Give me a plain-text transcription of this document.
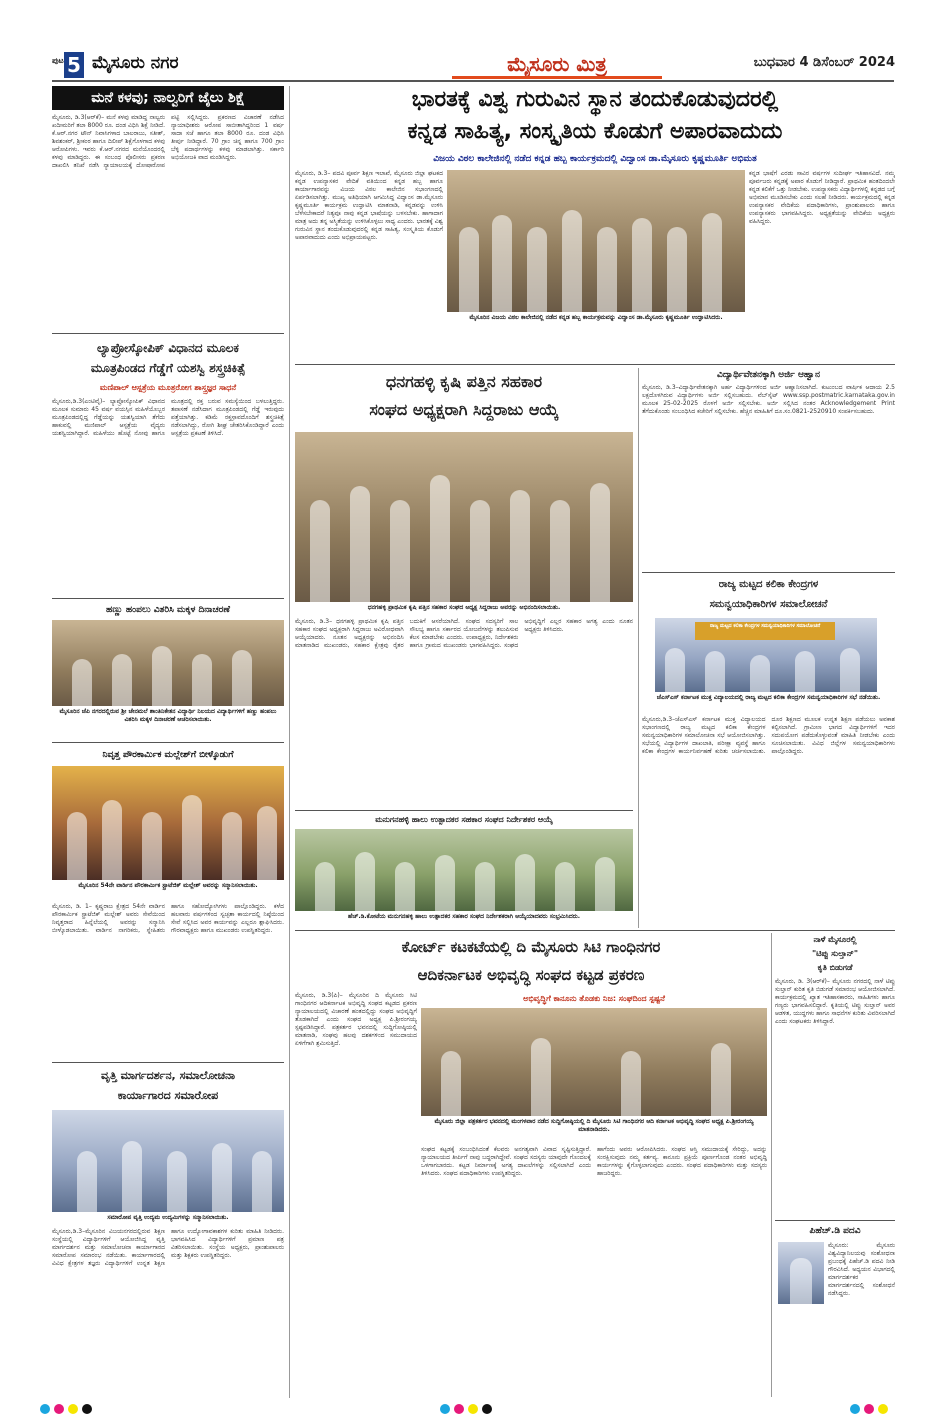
ಪುಟ 5 ಮೈಸೂರು ನಗರ	ಮೈಸೂರು ಮಿತ್ರ	ಬುಧವಾರ 4 ಡಿಸೆಂಬರ್ 2024
ಮನೆ ಕಳವು; ನಾಲ್ವರಿಗೆ ಜೈಲು ಶಿಕ್ಷೆ
ಮೈಸೂರು, ಡಿ.3(ಆರ್‌ಕೆ)– ಮನೆ ಕಳವು ಮಾಡಿದ್ದ ನಾಲ್ವರು ಖದೀಮರಿಗೆ ತಲಾ 8000 ರೂ. ದಂಡ ವಿಧಿಸಿ ಶಿಕ್ಷೆ ನೀಡಿದೆ. ಕೆ.ಆರ್.ನಗರ ಟೌನ್ ನಿವಾಸಿಗಳಾದ ಬಾಲರಾಜು, ಸತೀಶ್, ಶಿವಶಂಕರ್, ಶ್ರೀಕಂಠ ಹಾಗೂ ದಿಲೀಪ್ ಶಿಕ್ಷೆಗೊಳಗಾದ ಕಳವು ಆರೋಪಿಗಳು. ಇವರು ಕೆ.ಆರ್.ನಗರದ ಮನೆಯೊಂದರಲ್ಲಿ ಕಳವು ಮಾಡಿದ್ದರು. ಈ ಸಂಬಂಧ ಪೊಲೀಸರು ಪ್ರಕರಣ ದಾಖಲಿಸಿ ತನಿಖೆ ನಡೆಸಿ ನ್ಯಾಯಾಲಯಕ್ಕೆ ದೋಷಾರೋಪ ಪಟ್ಟಿ ಸಲ್ಲಿಸಿದ್ದರು. ಪ್ರಕರಣದ ವಿಚಾರಣೆ ನಡೆಸಿದ ನ್ಯಾಯಾಧೀಶರು ಆರೋಪ ಸಾಬೀತಾಗಿದ್ದರಿಂದ 1 ವರ್ಷ ಸಾದಾ ಸಜೆ ಹಾಗೂ ತಲಾ 8000 ರೂ. ದಂಡ ವಿಧಿಸಿ ತೀರ್ಪು ನೀಡಿದ್ದಾರೆ. 70 ಗ್ರಾಂ ಚಿನ್ನ ಹಾಗೂ 700 ಗ್ರಾಂ ಬೆಳ್ಳಿ ಪದಾರ್ಥಗಳನ್ನು ಕಳವು ಮಾಡಲಾಗಿತ್ತು. ಸರ್ಕಾರಿ ಅಭಿಯೋಜಕಿ ವಾದ ಮಂಡಿಸಿದ್ದರು.
ಲ್ಯಾಪ್ರೋಸ್ಕೋಪಿಕ್ ವಿಧಾನದ ಮೂಲಕ
ಮೂತ್ರಪಿಂಡದ ಗೆಡ್ಡೆಗೆ ಯಶಸ್ವಿ ಶಸ್ತ್ರಚಿಕಿತ್ಸೆ
ಮಣಿಪಾಲ್ ಆಸ್ಪತ್ರೆಯ ಮೂತ್ರರೋಗ ಶಾಸ್ತ್ರಜ್ಞರ ಸಾಧನೆ
ಮೈಸೂರು,ಡಿ.3(ಎಂಟಿವೈ)– ಲ್ಯಾಪ್ರೋಸ್ಕೋಪಿಕ್ ವಿಧಾನದ ಮೂಲಕ ಸುಮಾರು 45 ವರ್ಷ ವಯಸ್ಸಿನ ಮಹಿಳೆಯೊಬ್ಬರ ಮೂತ್ರಪಿಂಡದಲ್ಲಿದ್ದ ಗೆಡ್ಡೆಯನ್ನು ಯಶಸ್ವಿಯಾಗಿ ತೆಗೆದು ಹಾಕುವಲ್ಲಿ ಮಣಿಪಾಲ್ ಆಸ್ಪತ್ರೆಯ ವೈದ್ಯರು ಯಶಸ್ವಿಯಾಗಿದ್ದಾರೆ. ಮಹಿಳೆಯು ಹೊಟ್ಟೆ ನೋವು ಹಾಗೂ ಮೂತ್ರದಲ್ಲಿ ರಕ್ತ ಬರುವ ಸಮಸ್ಯೆಯಿಂದ ಬಳಲುತ್ತಿದ್ದರು. ತಪಾಸಣೆ ನಡೆಸಿದಾಗ ಮೂತ್ರಪಿಂಡದಲ್ಲಿ ಗೆಡ್ಡೆ ಇರುವುದು ಪತ್ತೆಯಾಗಿತ್ತು. ಕಡಿಮೆ ರಕ್ತಸ್ರಾವದೊಂದಿಗೆ ಶಸ್ತ್ರಚಿಕಿತ್ಸೆ ನಡೆಸಲಾಗಿದ್ದು, ರೋಗಿ ಶೀಘ್ರ ಚೇತರಿಸಿಕೊಂಡಿದ್ದಾರೆ ಎಂದು ಆಸ್ಪತ್ರೆಯ ಪ್ರಕಟಣೆ ತಿಳಿಸಿದೆ.
ಹಣ್ಣು ಹಂಪಲು ವಿತರಿಸಿ ಮಕ್ಕಳ ದಿನಾಚರಣೆ
ಮೈಸೂರಿನ ಜೆಪಿ ನಗರದಲ್ಲಿರುವ ಶ್ರೀ ಜೇನಮಲೆ ಶಾಂತಿನಿಕೇತನ ವಿದ್ಯಾರ್ಥಿ ನಿಲಯದ ವಿದ್ಯಾರ್ಥಿಗಳಿಗೆ ಹಣ್ಣು ಹಂಪಲು ವಿತರಿಸಿ ಮಕ್ಕಳ ದಿನಾಚರಣೆ ಆಚರಿಸಲಾಯಿತು.
ನಿವೃತ್ತ ಪೌರಕಾರ್ಮಿಕ ಮಲ್ಲೇಶ್‌ಗೆ ಬೀಳ್ಕೊಡುಗೆ
ಮೈಸೂರಿನ 54ನೇ ವಾರ್ಡಿನ ಪೌರಕಾರ್ಮಿಕ ಸ್ಟ್ರಾಟೆಜಿಕ್ ಮಲ್ಲೇಶ್ ಅವರನ್ನು ಸನ್ಮಾನಿಸಲಾಯಿತು.
ಮೈಸೂರು, ಡಿ. 1– ಕೃಷ್ಣರಾಜ ಕ್ಷೇತ್ರದ 54ನೇ ವಾರ್ಡಿನ ಪೌರಕಾರ್ಮಿಕ ಸ್ಟ್ರಾಟೆಜಿಕ್ ಮಲ್ಲೇಶ್ ಅವರು ಸೇವೆಯಿಂದ ನಿವೃತ್ತರಾದ ಹಿನ್ನೆಲೆಯಲ್ಲಿ ಅವರನ್ನು ಸನ್ಮಾನಿಸಿ ಬೀಳ್ಕೊಡಲಾಯಿತು. ವಾರ್ಡಿನ ನಾಗರಿಕರು, ಸ್ನೇಹಿತರು ಹಾಗೂ ಸಹೋದ್ಯೋಗಿಗಳು ಪಾಲ್ಗೊಂಡಿದ್ದರು. ಕಳೆದ ಹಲವಾರು ವರ್ಷಗಳಿಂದ ಸ್ವಚ್ಛತಾ ಕಾರ್ಯದಲ್ಲಿ ನಿಷ್ಠೆಯಿಂದ ಸೇವೆ ಸಲ್ಲಿಸಿದ ಅವರ ಕಾರ್ಯವನ್ನು ಎಲ್ಲರೂ ಶ್ಲಾಘಿಸಿದರು. ಗೌರವಾಧ್ಯಕ್ಷರು ಹಾಗೂ ಮುಖಂಡರು ಉಪಸ್ಥಿತರಿದ್ದರು.
ವೃತ್ತಿ ಮಾರ್ಗದರ್ಶನ, ಸಮಾಲೋಚನಾ
ಕಾರ್ಯಾಗಾರದ ಸಮಾರೋಪ
ಸಮಾರೋಪ ವೃತ್ತಿ ಉದ್ಯಮ ಉದ್ಯಮಿಗಳನ್ನು ಸನ್ಮಾನಿಸಲಾಯಿತು.
ಮೈಸೂರು,ಡಿ.3–ಮೈಸೂರಿನ ವಿಜಯನಗರದಲ್ಲಿರುವ ಶಿಕ್ಷಣ ಸಂಸ್ಥೆಯಲ್ಲಿ ವಿದ್ಯಾರ್ಥಿಗಳಿಗೆ ಆಯೋಜಿಸಿದ್ದ ವೃತ್ತಿ ಮಾರ್ಗದರ್ಶನ ಮತ್ತು ಸಮಾಲೋಚನಾ ಕಾರ್ಯಾಗಾರದ ಸಮಾರೋಪ ಸಮಾರಂಭ ನಡೆಯಿತು. ಕಾರ್ಯಾಗಾರದಲ್ಲಿ ವಿವಿಧ ಕ್ಷೇತ್ರಗಳ ತಜ್ಞರು ವಿದ್ಯಾರ್ಥಿಗಳಿಗೆ ಉನ್ನತ ಶಿಕ್ಷಣ ಹಾಗೂ ಉದ್ಯೋಗಾವಕಾಶಗಳ ಕುರಿತು ಮಾಹಿತಿ ನೀಡಿದರು. ಭಾಗವಹಿಸಿದ ವಿದ್ಯಾರ್ಥಿಗಳಿಗೆ ಪ್ರಮಾಣ ಪತ್ರ ವಿತರಿಸಲಾಯಿತು. ಸಂಸ್ಥೆಯ ಅಧ್ಯಕ್ಷರು, ಪ್ರಾಂಶುಪಾಲರು ಮತ್ತು ಶಿಕ್ಷಕರು ಉಪಸ್ಥಿತರಿದ್ದರು.
ಭಾರತಕ್ಕೆ ವಿಶ್ವ ಗುರುವಿನ ಸ್ಥಾನ ತಂದುಕೊಡುವುದರಲ್ಲಿ
ಕನ್ನಡ ಸಾಹಿತ್ಯ, ಸಂಸ್ಕೃತಿಯ ಕೊಡುಗೆ ಅಪಾರವಾದುದು
ವಿಜಯ ವಿಠಲ ಕಾಲೇಜಿನಲ್ಲಿ ನಡೆದ ಕನ್ನಡ ಹಬ್ಬ ಕಾರ್ಯಕ್ರಮದಲ್ಲಿ ವಿದ್ವಾಂಸ ಡಾ.ಮೈಸೂರು ಕೃಷ್ಣಮೂರ್ತಿ ಅಭಿಮತ
ಮೈಸೂರು, ಡಿ.3– ಪದವಿ ಪೂರ್ವ ಶಿಕ್ಷಣ ಇಲಾಖೆ, ಮೈಸೂರು ಜಿಲ್ಲಾ ಘಟಕದ ಕನ್ನಡ ಉಪನ್ಯಾಸಕರ ವೇದಿಕೆ ವತಿಯಿಂದ ಕನ್ನಡ ಹಬ್ಬ ಹಾಗೂ ಕಾರ್ಯಾಗಾರವನ್ನು ವಿಜಯ ವಿಠಲ ಕಾಲೇಜಿನ ಸಭಾಂಗಣದಲ್ಲಿ ಏರ್ಪಡಿಸಲಾಗಿತ್ತು. ಮುಖ್ಯ ಅತಿಥಿಯಾಗಿ ಆಗಮಿಸಿದ್ದ ವಿದ್ವಾಂಸ ಡಾ.ಮೈಸೂರು ಕೃಷ್ಣಮೂರ್ತಿ ಕಾರ್ಯಕ್ರಮ ಉದ್ಘಾಟಿಸಿ ಮಾತನಾಡಿ, ಕನ್ನಡವನ್ನು ಉಳಿಸಿ ಬೆಳೆಸಬೇಕಾದರೆ ನಿತ್ಯವೂ ನಾವು ಕನ್ನಡ ಭಾಷೆಯನ್ನು ಬಳಸಬೇಕು. ಹಾಗಾದಾಗ ಮಾತ್ರ ಅದು ತನ್ನ ಅಸ್ಮಿತೆಯನ್ನು ಉಳಿಸಿಕೊಳ್ಳಲು ಸಾಧ್ಯ ಎಂದರು. ಭಾರತಕ್ಕೆ ವಿಶ್ವ ಗುರುವಿನ ಸ್ಥಾನ ತಂದುಕೊಡುವುದರಲ್ಲಿ ಕನ್ನಡ ಸಾಹಿತ್ಯ, ಸಂಸ್ಕೃತಿಯ ಕೊಡುಗೆ ಅಪಾರವಾದುದು ಎಂದು ಅಭಿಪ್ರಾಯಪಟ್ಟರು.
ಮೈಸೂರಿನ ವಿಜಯ ವಿಠಲ ಕಾಲೇಜಿನಲ್ಲಿ ನಡೆದ ಕನ್ನಡ ಹಬ್ಬ ಕಾರ್ಯಕ್ರಮವನ್ನು ವಿದ್ವಾಂಸ ಡಾ.ಮೈಸೂರು ಕೃಷ್ಣಮೂರ್ತಿ ಉದ್ಘಾಟಿಸಿದರು.
ಕನ್ನಡ ಭಾಷೆಗೆ ಎರಡು ಸಾವಿರ ವರ್ಷಗಳ ಸುದೀರ್ಘ ಇತಿಹಾಸವಿದೆ. ನಮ್ಮ ಪೂರ್ವಜರು ಕನ್ನಡಕ್ಕೆ ಅಪಾರ ಕೊಡುಗೆ ನೀಡಿದ್ದಾರೆ. ಪ್ರಾಥಮಿಕ ಹಂತದಿಂದಲೇ ಕನ್ನಡ ಕಲಿಕೆಗೆ ಒತ್ತು ನೀಡಬೇಕು. ಉಪನ್ಯಾಸಕರು ವಿದ್ಯಾರ್ಥಿಗಳಲ್ಲಿ ಕನ್ನಡದ ಬಗ್ಗೆ ಅಭಿಮಾನ ಮೂಡಿಸಬೇಕು ಎಂದು ಸಲಹೆ ನೀಡಿದರು. ಕಾರ್ಯಕ್ರಮದಲ್ಲಿ ಕನ್ನಡ ಉಪನ್ಯಾಸಕರ ವೇದಿಕೆಯ ಪದಾಧಿಕಾರಿಗಳು, ಪ್ರಾಂಶುಪಾಲರು ಹಾಗೂ ಉಪನ್ಯಾಸಕರು ಭಾಗವಹಿಸಿದ್ದರು. ಅಧ್ಯಕ್ಷತೆಯನ್ನು ವೇದಿಕೆಯ ಅಧ್ಯಕ್ಷರು ವಹಿಸಿದ್ದರು.
ಧನಗಹಳ್ಳಿ ಕೃಷಿ ಪತ್ತಿನ ಸಹಕಾರ
ಸಂಘದ ಅಧ್ಯಕ್ಷರಾಗಿ ಸಿದ್ದರಾಜು ಆಯ್ಕೆ
ಧನಗಹಳ್ಳಿ ಪ್ರಾಥಮಿಕ ಕೃಷಿ ಪತ್ತಿನ ಸಹಕಾರ ಸಂಘದ ಅಧ್ಯಕ್ಷ ಸಿದ್ದರಾಜು ಅವರನ್ನು ಅಭಿನಂದಿಸಲಾಯಿತು.
ಮೈಸೂರು, ಡಿ.3– ಧನಗಹಳ್ಳಿ ಪ್ರಾಥಮಿಕ ಕೃಷಿ ಪತ್ತಿನ ಸಹಕಾರ ಸಂಘದ ಅಧ್ಯಕ್ಷರಾಗಿ ಸಿದ್ದರಾಜು ಅವಿರೋಧವಾಗಿ ಆಯ್ಕೆಯಾದರು. ನೂತನ ಅಧ್ಯಕ್ಷರನ್ನು ಅಭಿನಂದಿಸಿ ಮಾತನಾಡಿದ ಮುಖಂಡರು, ಸಹಕಾರ ಕ್ಷೇತ್ರವು ರೈತರ ಬದುಕಿಗೆ ಆಸರೆಯಾಗಿದೆ. ಸಂಘದ ಸದಸ್ಯರಿಗೆ ಸಾಲ ಸೌಲಭ್ಯ ಹಾಗೂ ಸರ್ಕಾರದ ಯೋಜನೆಗಳನ್ನು ತಲುಪಿಸುವ ಕೆಲಸ ಮಾಡಬೇಕು ಎಂದರು. ಉಪಾಧ್ಯಕ್ಷರು, ನಿರ್ದೇಶಕರು ಹಾಗೂ ಗ್ರಾಮದ ಮುಖಂಡರು ಭಾಗವಹಿಸಿದ್ದರು. ಸಂಘದ ಅಭಿವೃದ್ಧಿಗೆ ಎಲ್ಲರ ಸಹಕಾರ ಅಗತ್ಯ ಎಂದು ನೂತನ ಅಧ್ಯಕ್ಷರು ತಿಳಿಸಿದರು.
ಮನುಗನಹಳ್ಳಿ ಹಾಲು ಉತ್ಪಾದಕರ ಸಹಕಾರ ಸಂಘದ ನಿರ್ದೇಶಕರ ಆಯ್ಕೆ
ಹೆಚ್.ಡಿ.ಕೋಟೆಯ ಮನುಗನಹಳ್ಳಿ ಹಾಲು ಉತ್ಪಾದಕರ ಸಹಕಾರ ಸಂಘದ ನಿರ್ದೇಶಕರಾಗಿ ಆಯ್ಕೆಯಾದವರು ಸಂಭ್ರಮಿಸಿದರು.
ವಿದ್ಯಾರ್ಥಿವೇತನಕ್ಕಾಗಿ ಅರ್ಜಿ ಆಹ್ವಾನ
ಮೈಸೂರು, ಡಿ.3–ವಿದ್ಯಾರ್ಥಿವೇತನಕ್ಕಾಗಿ ಅರ್ಹ ವಿದ್ಯಾರ್ಥಿಗಳಿಂದ ಅರ್ಜಿ ಆಹ್ವಾನಿಸಲಾಗಿದೆ. ಕುಟುಂಬದ ವಾರ್ಷಿಕ ಆದಾಯ 2.5 ಲಕ್ಷದೊಳಗಿರುವ ವಿದ್ಯಾರ್ಥಿಗಳು ಅರ್ಜಿ ಸಲ್ಲಿಸಬಹುದು. ವೆಬ್‌ಸೈಟ್ www.ssp.postmatric.karnataka.gov.in ಮೂಲಕ 25-02-2025 ರೊಳಗೆ ಅರ್ಜಿ ಸಲ್ಲಿಸಬೇಕು. ಅರ್ಜಿ ಸಲ್ಲಿಸಿದ ನಂತರ Acknowledgement Print ತೆಗೆದುಕೊಂಡು ಸಂಬಂಧಿಸಿದ ಕಚೇರಿಗೆ ಸಲ್ಲಿಸಬೇಕು. ಹೆಚ್ಚಿನ ಮಾಹಿತಿಗೆ ದೂ.ಸಂ.0821-2520910 ಸಂಪರ್ಕಿಸಬಹುದು.
ರಾಜ್ಯ ಮಟ್ಟದ ಕಲಿಕಾ ಕೇಂದ್ರಗಳ
ಸಮನ್ವಯಾಧಿಕಾರಿಗಳ ಸಮಾಲೋಚನೆ
ರಾಜ್ಯ ಮಟ್ಟದ ಕಲಿಕಾ ಕೇಂದ್ರಗಳ ಸಮನ್ವಯಾಧಿಕಾರಿಗಳ ಸಮಾಲೋಚನೆ
ಜೆಎಸ್‌ಎಸ್ ಕರ್ನಾಟಕ ಮುಕ್ತ ವಿದ್ಯಾಲಯದಲ್ಲಿ ರಾಜ್ಯ ಮಟ್ಟದ ಕಲಿಕಾ ಕೇಂದ್ರಗಳ ಸಮನ್ವಯಾಧಿಕಾರಿಗಳ ಸಭೆ ನಡೆಯಿತು.
ಮೈಸೂರು,ಡಿ.3–ಜೆಎಸ್‌ಎಸ್ ಕರ್ನಾಟಕ ಮುಕ್ತ ವಿದ್ಯಾಲಯದ ಸಭಾಂಗಣದಲ್ಲಿ ರಾಜ್ಯ ಮಟ್ಟದ ಕಲಿಕಾ ಕೇಂದ್ರಗಳ ಸಮನ್ವಯಾಧಿಕಾರಿಗಳ ಸಮಾಲೋಚನಾ ಸಭೆ ಆಯೋಜಿಸಲಾಗಿತ್ತು. ಸಭೆಯಲ್ಲಿ ವಿದ್ಯಾರ್ಥಿಗಳ ದಾಖಲಾತಿ, ಪರೀಕ್ಷಾ ವ್ಯವಸ್ಥೆ ಹಾಗೂ ಕಲಿಕಾ ಕೇಂದ್ರಗಳ ಕಾರ್ಯನಿರ್ವಹಣೆ ಕುರಿತು ಚರ್ಚಿಸಲಾಯಿತು. ದೂರ ಶಿಕ್ಷಣದ ಮೂಲಕ ಉನ್ನತ ಶಿಕ್ಷಣ ಪಡೆಯಲು ಅವಕಾಶ ಕಲ್ಪಿಸಲಾಗಿದೆ. ಗ್ರಾಮೀಣ ಭಾಗದ ವಿದ್ಯಾರ್ಥಿಗಳಿಗೆ ಇದರ ಸದುಪಯೋಗ ಪಡೆದುಕೊಳ್ಳುವಂತೆ ಮಾಹಿತಿ ನೀಡಬೇಕು ಎಂದು ಸೂಚಿಸಲಾಯಿತು. ವಿವಿಧ ಜಿಲ್ಲೆಗಳ ಸಮನ್ವಯಾಧಿಕಾರಿಗಳು ಪಾಲ್ಗೊಂಡಿದ್ದರು.
ಕೋರ್ಟ್ ಕಟಕಟೆಯಲ್ಲಿ ದಿ ಮೈಸೂರು ಸಿಟಿ ಗಾಂಧಿನಗರ
ಆದಿಕರ್ನಾಟಕ ಅಭಿವೃದ್ಧಿ ಸಂಘದ ಕಟ್ಟಡ ಪ್ರಕರಣ
ಮೈಸೂರು, ಡಿ.3(ಪಿ)– ಮೈಸೂರಿನ ದಿ ಮೈಸೂರು ಸಿಟಿ ಗಾಂಧಿನಗರ ಆದಿಕರ್ನಾಟಕ ಅಭಿವೃದ್ಧಿ ಸಂಘದ ಕಟ್ಟಡದ ಪ್ರಕರಣ ನ್ಯಾಯಾಲಯದಲ್ಲಿ ವಿಚಾರಣೆ ಹಂತದಲ್ಲಿದ್ದು ಸಂಘದ ಅಭಿವೃದ್ಧಿಗೆ ತೊಡಕಾಗಿದೆ ಎಂದು ಸಂಘದ ಅಧ್ಯಕ್ಷ ಪಿ.ಶ್ರೀರಂಗಯ್ಯ ಸ್ಪಷ್ಟಪಡಿಸಿದ್ದಾರೆ. ಪತ್ರಕರ್ತರ ಭವನದಲ್ಲಿ ಸುದ್ದಿಗೋಷ್ಠಿಯಲ್ಲಿ ಮಾತನಾಡಿ, ಸಂಘವು ಹಲವು ದಶಕಗಳಿಂದ ಸಮುದಾಯದ ಏಳಿಗೆಗಾಗಿ ಶ್ರಮಿಸುತ್ತಿದೆ.
ಅಭಿವೃದ್ಧಿಗೆ ಕಾನೂನು ತೊಡಕು ನಿಜ: ಸಂಘದಿಂದ ಸ್ಪಷ್ಟನೆ
ಮೈಸೂರು ಜಿಲ್ಲಾ ಪತ್ರಕರ್ತರ ಭವನದಲ್ಲಿ ಮಂಗಳವಾರ ನಡೆದ ಸುದ್ದಿಗೋಷ್ಠಿಯಲ್ಲಿ ದಿ ಮೈಸೂರು ಸಿಟಿ ಗಾಂಧಿನಗರ ಆದಿ ಕರ್ನಾಟಕ ಅಭಿವೃದ್ಧಿ ಸಂಘದ ಅಧ್ಯಕ್ಷ ಪಿ.ಶ್ರೀರಂಗಯ್ಯ ಮಾತನಾಡಿದರು.
ಸಂಘದ ಕಟ್ಟಡಕ್ಕೆ ಸಂಬಂಧಿಸಿದಂತೆ ಕೆಲವರು ಅನಗತ್ಯವಾಗಿ ವಿವಾದ ಸೃಷ್ಟಿಸುತ್ತಿದ್ದಾರೆ. ನ್ಯಾಯಾಲಯದ ತೀರ್ಪಿಗೆ ನಾವು ಬದ್ಧರಾಗಿದ್ದೇವೆ. ಸಂಘದ ಸದಸ್ಯರು ಯಾವುದೇ ಗೊಂದಲಕ್ಕೆ ಒಳಗಾಗಬಾರದು. ಕಟ್ಟಡ ನಿರ್ಮಾಣಕ್ಕೆ ಅಗತ್ಯ ದಾಖಲೆಗಳನ್ನು ಸಲ್ಲಿಸಲಾಗಿದೆ ಎಂದು ತಿಳಿಸಿದರು. ಸಂಘದ ಪದಾಧಿಕಾರಿಗಳು ಉಪಸ್ಥಿತರಿದ್ದರು.
ಹಾಗೆಂದು ಅವರು ಆರೋಪಿಸಿದರು. ಸಂಘದ ಆಸ್ತಿ ಸಮುದಾಯಕ್ಕೆ ಸೇರಿದ್ದು, ಅದನ್ನು ಸಂರಕ್ಷಿಸುವುದು ನಮ್ಮ ಕರ್ತವ್ಯ. ಕಾನೂನು ಪ್ರಕ್ರಿಯೆ ಪೂರ್ಣಗೊಂಡ ನಂತರ ಅಭಿವೃದ್ಧಿ ಕಾರ್ಯಗಳನ್ನು ಕೈಗೊಳ್ಳಲಾಗುವುದು ಎಂದರು. ಸಂಘದ ಪದಾಧಿಕಾರಿಗಳು ಮತ್ತು ಸದಸ್ಯರು ಹಾಜರಿದ್ದರು.
ನಾಳೆ ಮೈಸೂರಲ್ಲಿ
"ಟಿಪ್ಪು ಸುಲ್ತಾನ್"
ಕೃತಿ ಬಿಡುಗಡೆ
ಮೈಸೂರು, ಡಿ. 3(ಆರ್‌ಕೆ)– ಮೈಸೂರು ನಗರದಲ್ಲಿ ನಾಳೆ ಟಿಪ್ಪು ಸುಲ್ತಾನ್ ಕುರಿತ ಕೃತಿ ಬಿಡುಗಡೆ ಸಮಾರಂಭ ಆಯೋಜಿಸಲಾಗಿದೆ. ಕಾರ್ಯಕ್ರಮದಲ್ಲಿ ಖ್ಯಾತ ಇತಿಹಾಸಕಾರರು, ಸಾಹಿತಿಗಳು ಹಾಗೂ ಗಣ್ಯರು ಭಾಗವಹಿಸಲಿದ್ದಾರೆ. ಕೃತಿಯಲ್ಲಿ ಟಿಪ್ಪು ಸುಲ್ತಾನ್ ಅವರ ಆಡಳಿತ, ಯುದ್ಧಗಳು ಹಾಗೂ ಸಾಧನೆಗಳ ಕುರಿತು ವಿವರಿಸಲಾಗಿದೆ ಎಂದು ಸಂಘಟಕರು ತಿಳಿಸಿದ್ದಾರೆ.
ಪಿಹೆಚ್.ಡಿ ಪದವಿ
ಮೈಸೂರು: ಮೈಸೂರು ವಿಶ್ವವಿದ್ಯಾನಿಲಯವು ಸಂಶೋಧನಾ ಪ್ರಬಂಧಕ್ಕೆ ಪಿಹೆಚ್.ಡಿ ಪದವಿ ನೀಡಿ ಗೌರವಿಸಿದೆ. ಅಧ್ಯಯನ ವಿಭಾಗದಲ್ಲಿ ಮಾರ್ಗದರ್ಶಕರ ಮಾರ್ಗದರ್ಶನದಲ್ಲಿ ಸಂಶೋಧನೆ ನಡೆಸಿದ್ದರು.
